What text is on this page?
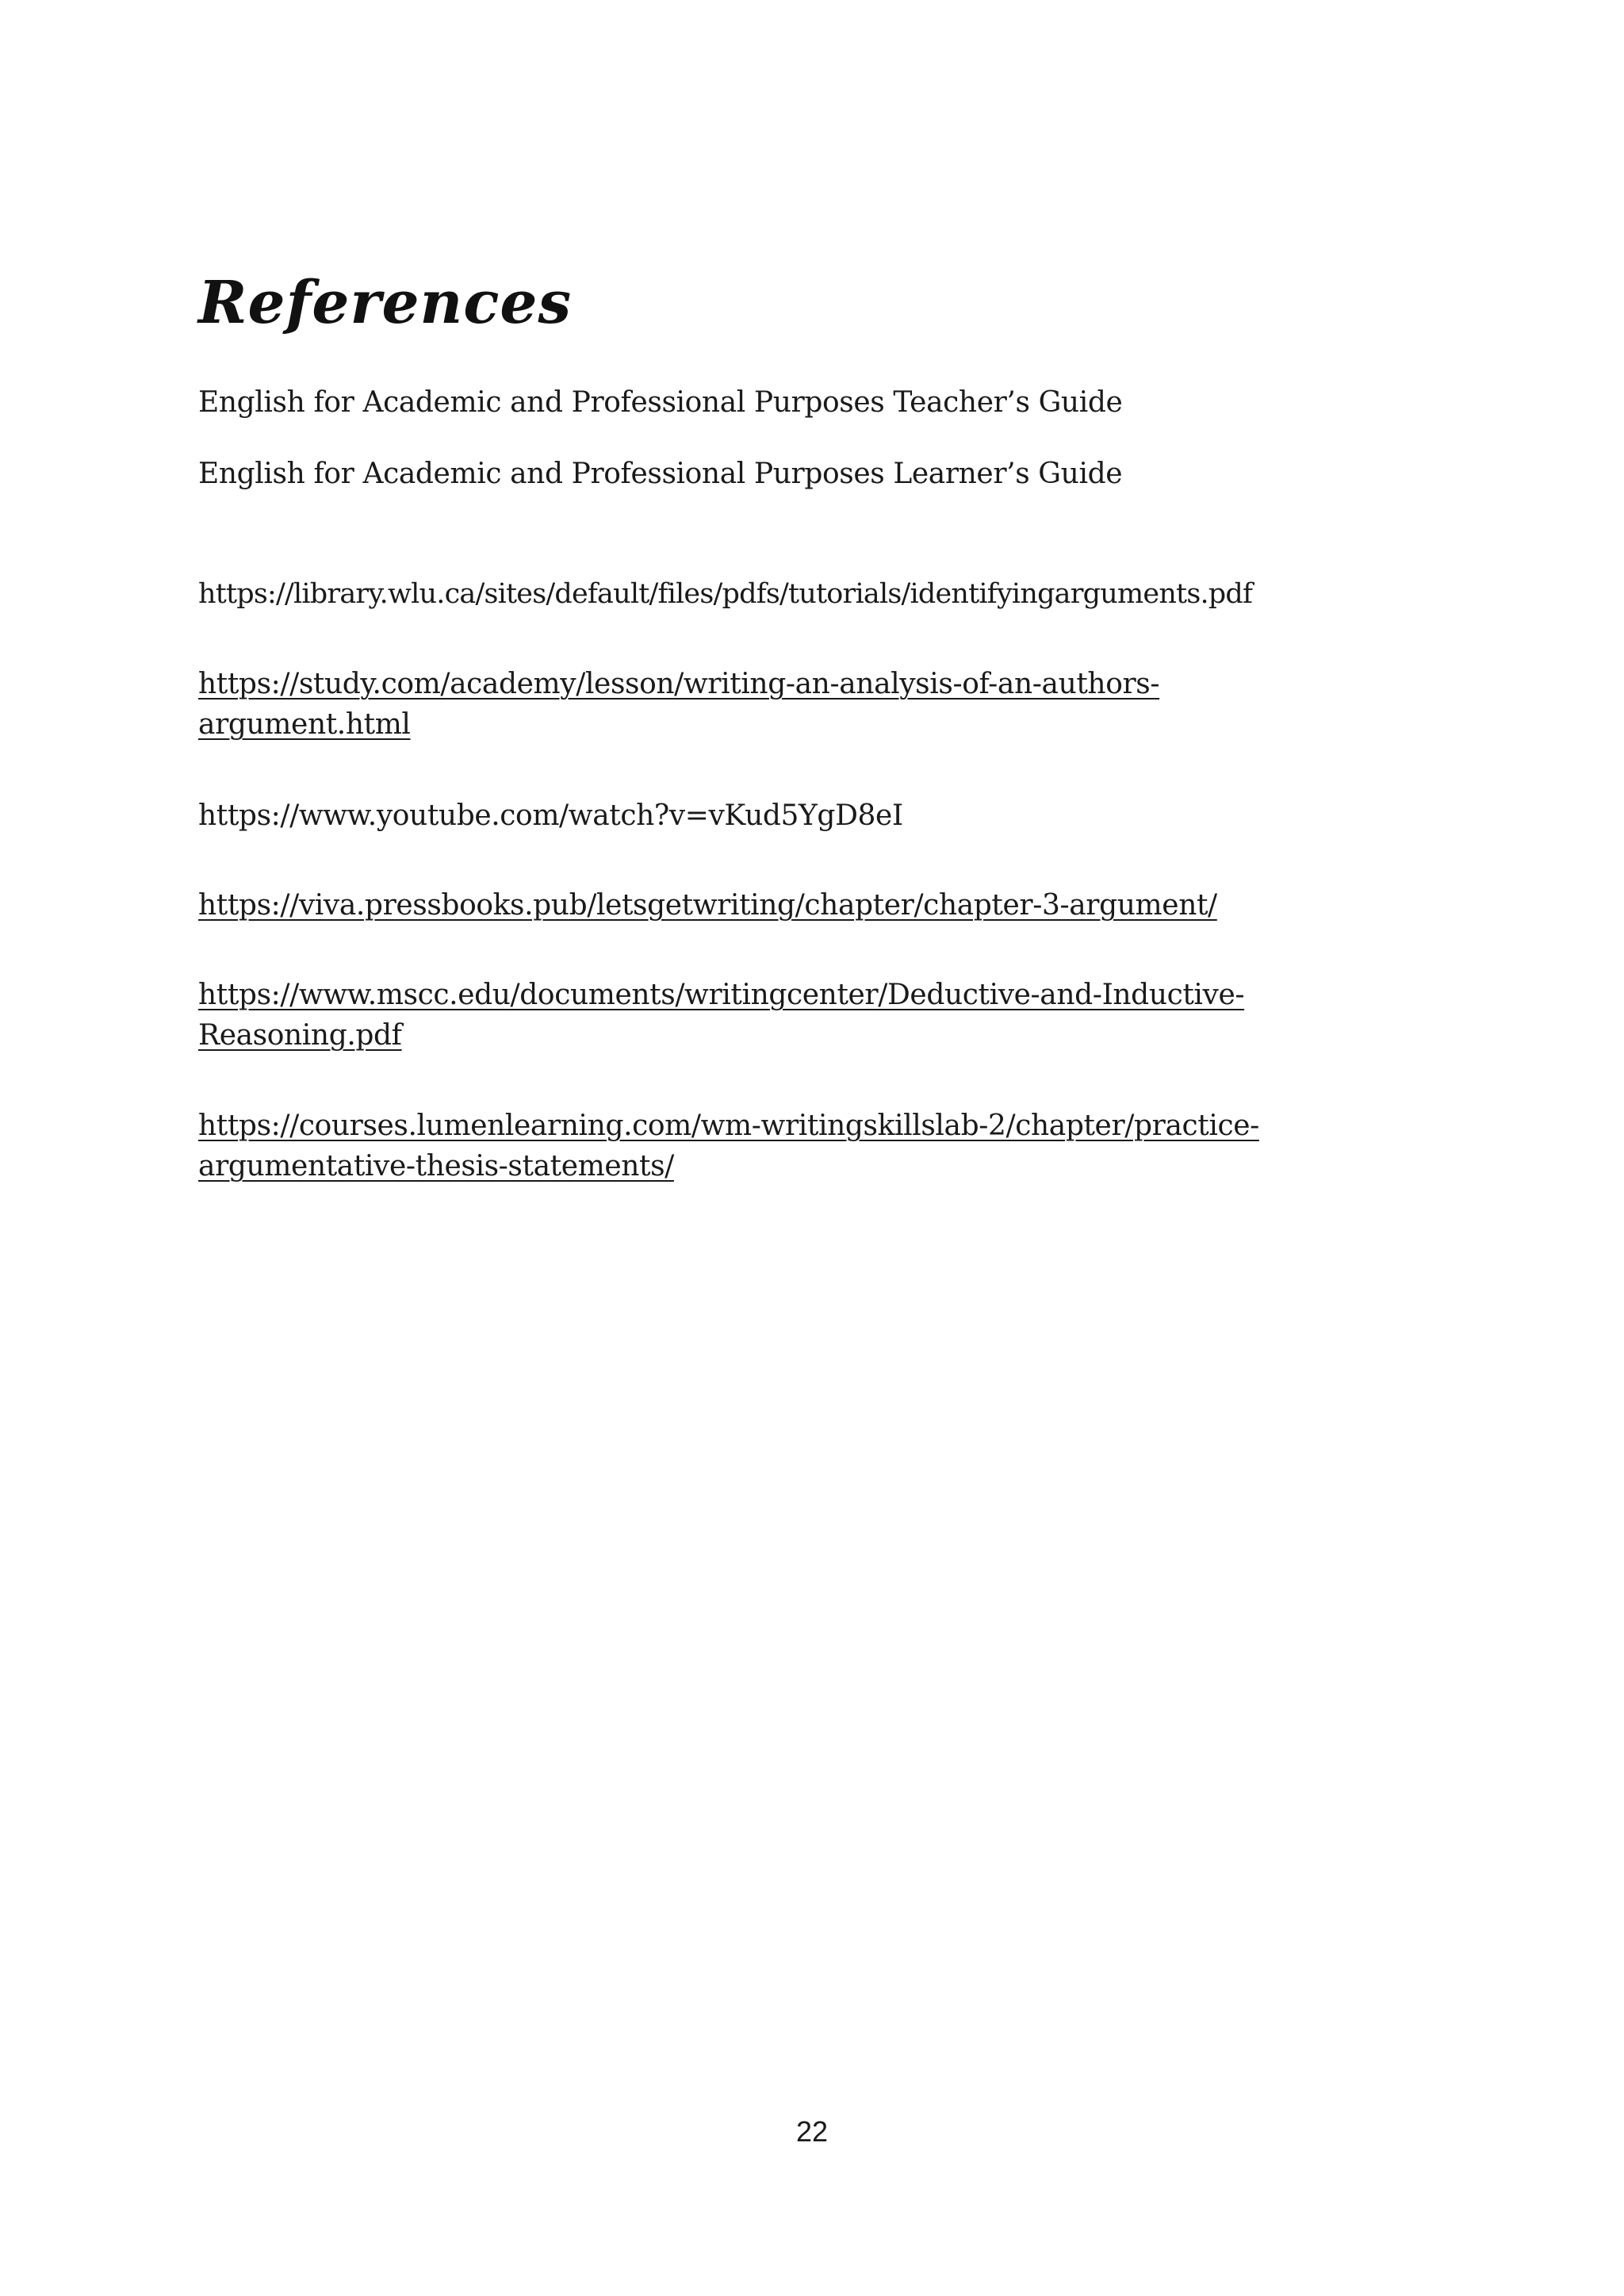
References

English for Academic and Professional Purposes Teacher’s Guide

English for Academic and Professional Purposes Learner’s Guide

https://library.wlu.ca/sites/default/files/pdfs/tutorials/identifyingarguments.pdf

https://study.com/academy/lesson/writing-an-analysis-of-an-authors-
argument.html

https://www.youtube.com/watch?v=vKud5YgD8eI

https://viva.pressbooks.pub/letsgetwriting/chapter/chapter-3-argument/
https://www.mscc.edu/documents/writingcenter/Deductive-and-Inductive-
Reasoning.pdf
https://courses.lumenlearning.com/wm-writingskillslab-2/chapter/practice-
argumentative-thesis-statements/
22
